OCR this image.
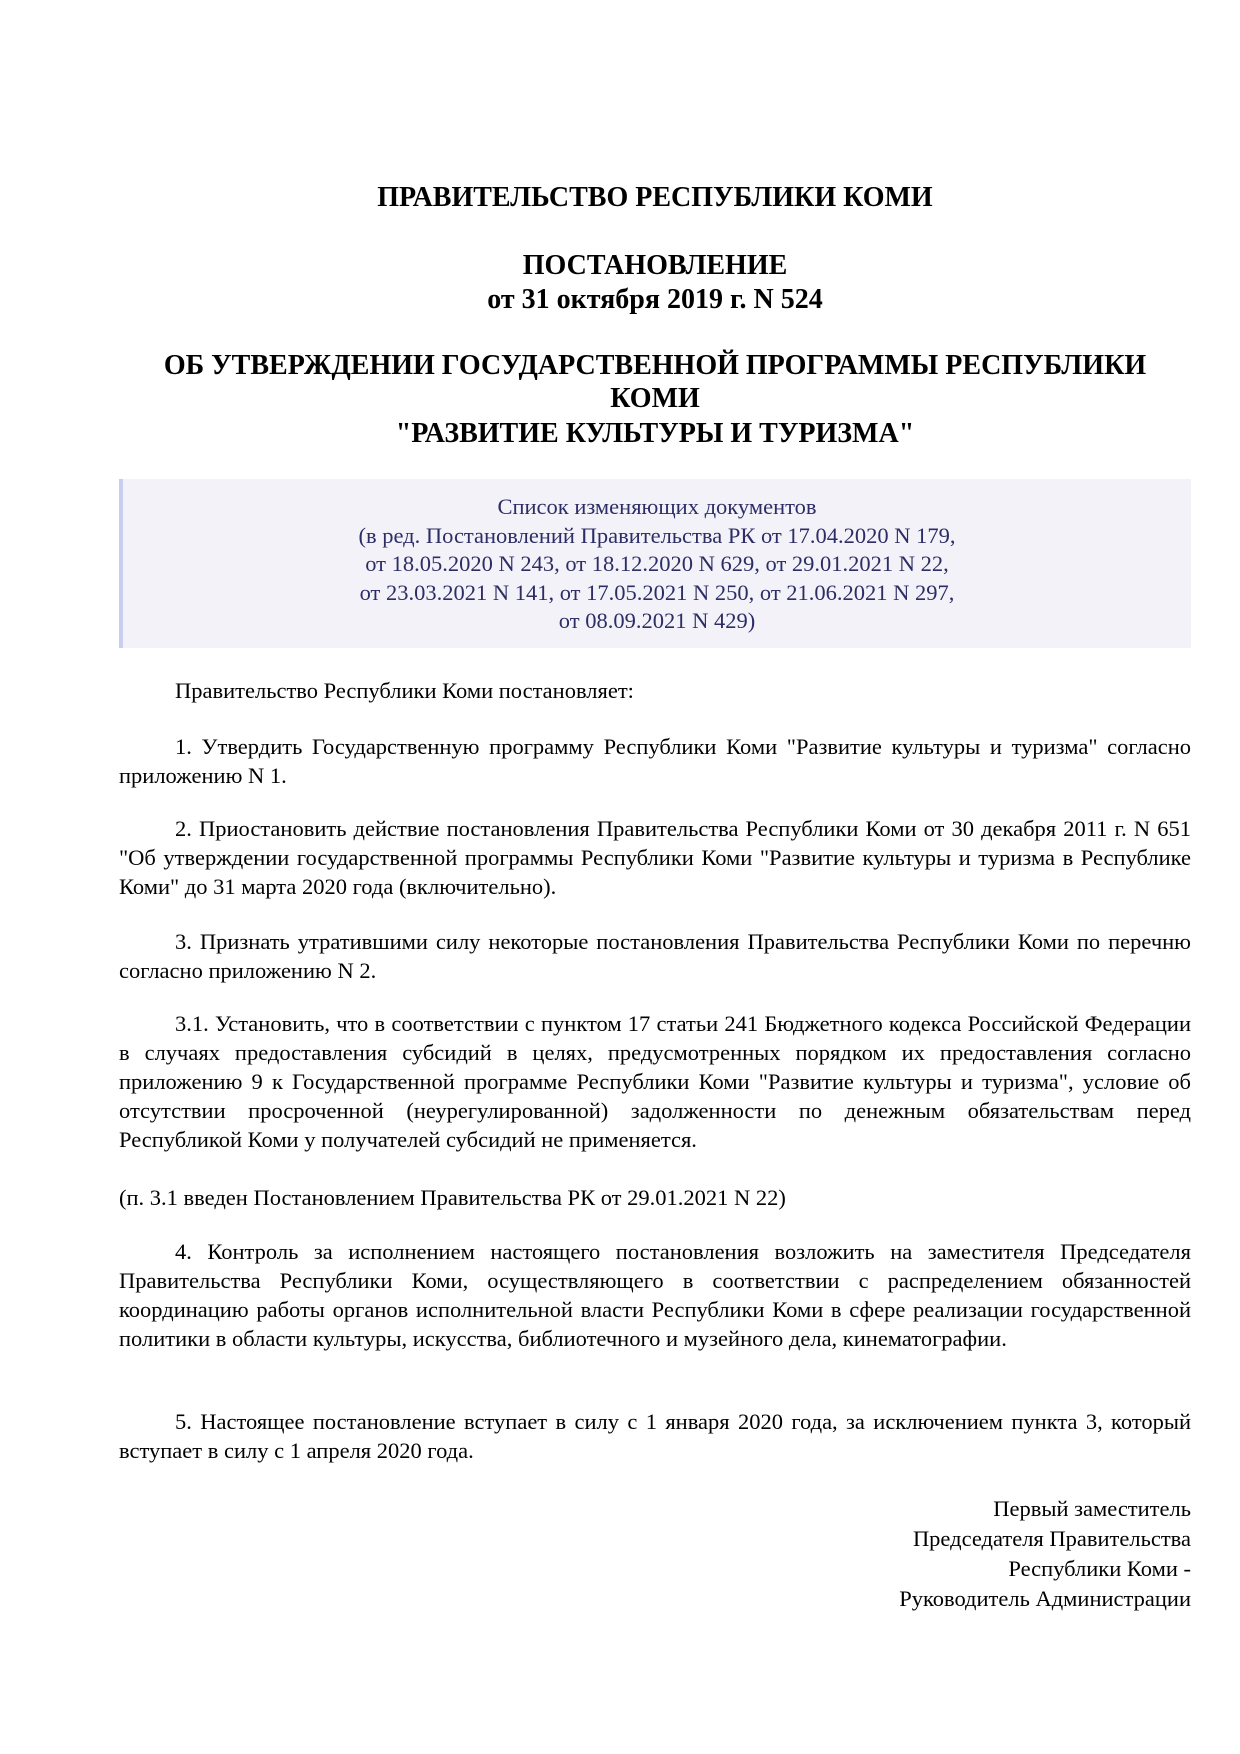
ПРАВИТЕЛЬСТВО РЕСПУБЛИКИ КОМИ
ПОСТАНОВЛЕНИЕ
от 31 октября 2019 г. N 524
ОБ УТВЕРЖДЕНИИ ГОСУДАРСТВЕННОЙ ПРОГРАММЫ РЕСПУБЛИКИ
КОМИ
"РАЗВИТИЕ КУЛЬТУРЫ И ТУРИЗМА"
Список изменяющих документов
(в ред. Постановлений Правительства РК от 17.04.2020 N 179,
от 18.05.2020 N 243, от 18.12.2020 N 629, от 29.01.2021 N 22,
от 23.03.2021 N 141, от 17.05.2021 N 250, от 21.06.2021 N 297,
от 08.09.2021 N 429)
Правительство Республики Коми постановляет:
1. Утвердить Государственную программу Республики Коми "Развитие культуры и туризма" согласно приложению N 1.
2. Приостановить действие постановления Правительства Республики Коми от 30 декабря 2011 г. N 651 "Об утверждении государственной программы Республики Коми "Развитие культуры и туризма в Республике Коми" до 31 марта 2020 года (включительно).
3. Признать утратившими силу некоторые постановления Правительства Республики Коми по перечню согласно приложению N 2.
3.1. Установить, что в соответствии с пунктом 17 статьи 241 Бюджетного кодекса Российской Федерации в случаях предоставления субсидий в целях, предусмотренных порядком их предоставления согласно приложению 9 к Государственной программе Республики Коми "Развитие культуры и туризма", условие об отсутствии просроченной (неурегулированной) задолженности по денежным обязательствам перед Республикой Коми у получателей субсидий не применяется.
(п. 3.1 введен Постановлением Правительства РК от 29.01.2021 N 22)
4. Контроль за исполнением настоящего постановления возложить на заместителя Председателя Правительства Республики Коми, осуществляющего в соответствии с распределением обязанностей координацию работы органов исполнительной власти Республики Коми в сфере реализации государственной политики в области культуры, искусства, библиотечного и музейного дела, кинематографии.
5. Настоящее постановление вступает в силу с 1 января 2020 года, за исключением пункта 3, который вступает в силу с 1 апреля 2020 года.
Первый заместитель
Председателя Правительства
Республики Коми -
Руководитель Администрации
